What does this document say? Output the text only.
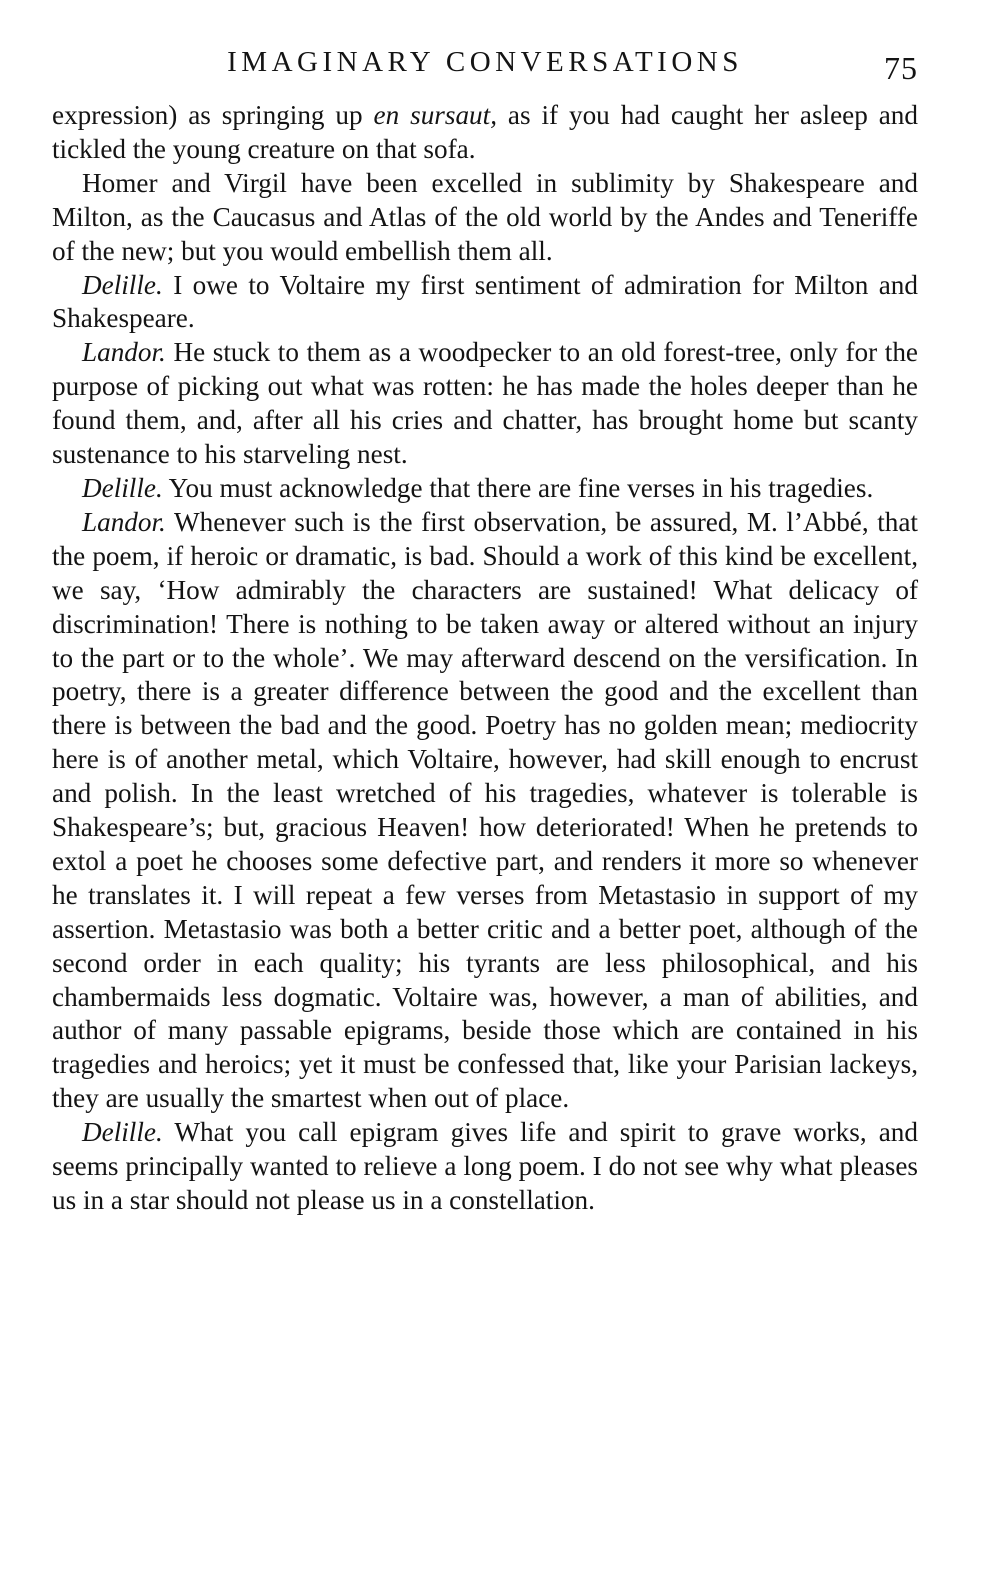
IMAGINARY CONVERSATIONS	75

expression) as springing up en sursaut, as if you had caught her asleep and tickled the young creature on that sofa.

Homer and Virgil have been excelled in sublimity by Shakespeare and Milton, as the Caucasus and Atlas of the old world by the Andes and Teneriffe of the new; but you would embellish them all.

Delille. I owe to Voltaire my first sentiment of admiration for Milton and Shakespeare.

Landor. He stuck to them as a woodpecker to an old forest-tree, only for the purpose of picking out what was rotten: he has made the holes deeper than he found them, and, after all his cries and chatter, has brought home but scanty sustenance to his starveling nest.

Delille. You must acknowledge that there are fine verses in his tragedies.

Landor. Whenever such is the first observation, be assured, M. l’Abbé, that the poem, if heroic or dramatic, is bad. Should a work of this kind be excellent, we say, ‘How admirably the characters are sustained! What delicacy of discrimination! There is nothing to be taken away or altered without an injury to the part or to the whole’. We may afterward descend on the versification. In poetry, there is a greater difference between the good and the excellent than there is between the bad and the good. Poetry has no golden mean; mediocrity here is of another metal, which Voltaire, however, had skill enough to encrust and polish. In the least wretched of his tragedies, whatever is tolerable is Shakespeare’s; but, gracious Heaven! how deteriorated! When he pretends to extol a poet he chooses some defective part, and renders it more so whenever he translates it. I will repeat a few verses from Metastasio in support of my assertion. Metastasio was both a better critic and a better poet, although of the second order in each quality; his tyrants are less philosophical, and his chambermaids less dogmatic. Voltaire was, however, a man of abilities, and author of many passable epigrams, beside those which are contained in his tragedies and heroics; yet it must be confessed that, like your Parisian lackeys, they are usually the smartest when out of place.

Delille. What you call epigram gives life and spirit to grave works, and seems principally wanted to relieve a long poem. I do not see why what pleases us in a star should not please us in a constellation.
